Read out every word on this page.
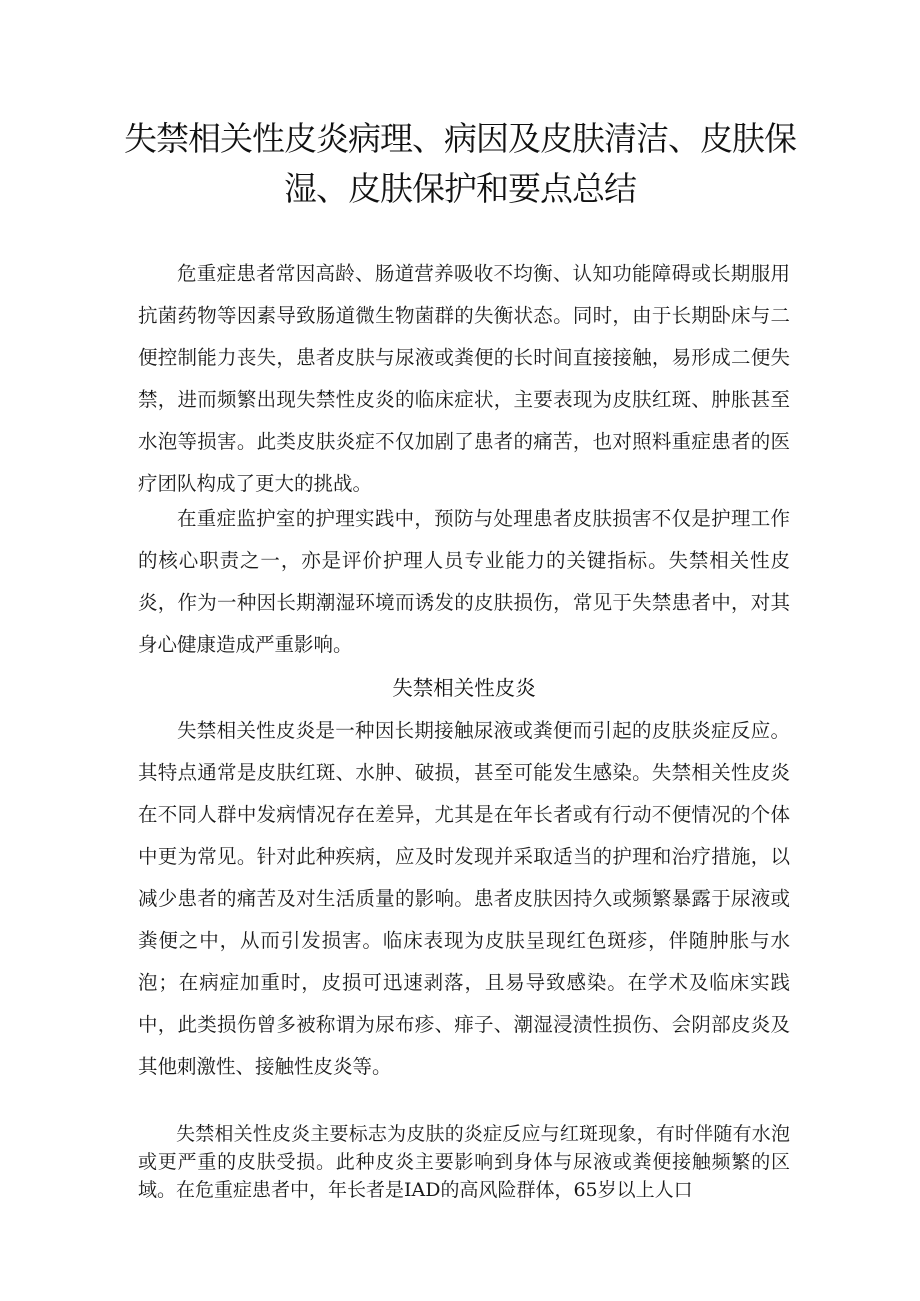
失禁相关性皮炎病理、病因及皮肤清洁、皮肤保湿、皮肤保护和要点总结

危重症患者常因高龄、肠道营养吸收不均衡、认知功能障碍或长期服用抗菌药物等因素导致肠道微生物菌群的失衡状态。同时，由于长期卧床与二便控制能力丧失，患者皮肤与尿液或粪便的长时间直接接触，易形成二便失禁，进而频繁出现失禁性皮炎的临床症状，主要表现为皮肤红斑、肿胀甚至水泡等损害。此类皮肤炎症不仅加剧了患者的痛苦，也对照料重症患者的医疗团队构成了更大的挑战。

在重症监护室的护理实践中，预防与处理患者皮肤损害不仅是护理工作的核心职责之一，亦是评价护理人员专业能力的关键指标。失禁相关性皮炎，作为一种因长期潮湿环境而诱发的皮肤损伤，常见于失禁患者中，对其身心健康造成严重影响。

失禁相关性皮炎

失禁相关性皮炎是一种因长期接触尿液或粪便而引起的皮肤炎症反应。其特点通常是皮肤红斑、水肿、破损，甚至可能发生感染。失禁相关性皮炎在不同人群中发病情况存在差异，尤其是在年长者或有行动不便情况的个体中更为常见。针对此种疾病，应及时发现并采取适当的护理和治疗措施，以减少患者的痛苦及对生活质量的影响。患者皮肤因持久或频繁暴露于尿液或粪便之中，从而引发损害。临床表现为皮肤呈现红色斑疹，伴随肿胀与水泡；在病症加重时，皮损可迅速剥落，且易导致感染。在学术及临床实践中，此类损伤曾多被称谓为尿布疹、痱子、潮湿浸渍性损伤、会阴部皮炎及其他刺激性、接触性皮炎等。

失禁相关性皮炎主要标志为皮肤的炎症反应与红斑现象，有时伴随有水泡或更严重的皮肤受损。此种皮炎主要影响到身体与尿液或粪便接触频繁的区域。在危重症患者中，年长者是IAD的高风险群体，65岁以上人口
